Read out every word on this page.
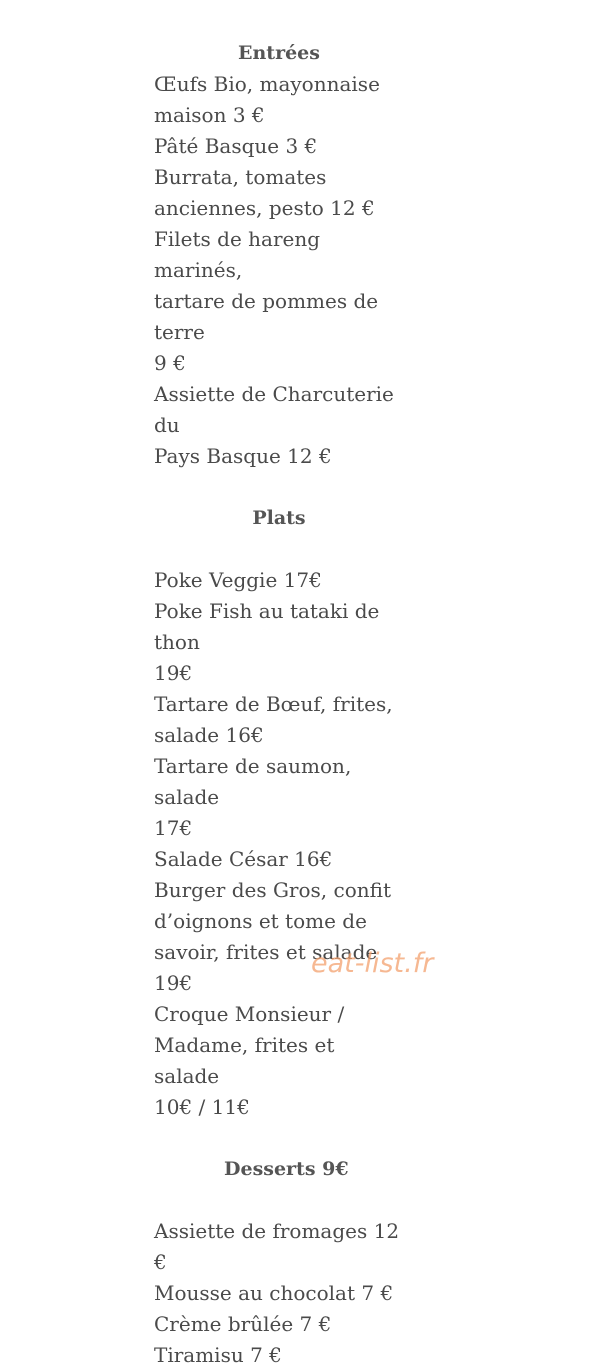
Entrées
Œufs Bio, mayonnaise
maison 3 €
Pâté Basque 3 €
Burrata, tomates
anciennes, pesto 12 €
Filets de hareng marinés,
tartare de pommes de terre
9 €
Assiette de Charcuterie du
Pays Basque 12 €
Plats
Poke Veggie 17€
Poke Fish au tataki de thon
19€
Tartare de Bœuf, frites,
salade 16€
Tartare de saumon, salade
17€
Salade César 16€
Burger des Gros, confit
d’oignons et tome de
savoir, frites et salade 19€
Croque Monsieur /
Madame, frites et salade
10€ / 11€
Desserts 9€
Assiette de fromages 12 €
Mousse au chocolat 7 €
Crème brûlée 7 €
Tiramisu 7 €
eat-list.fr
